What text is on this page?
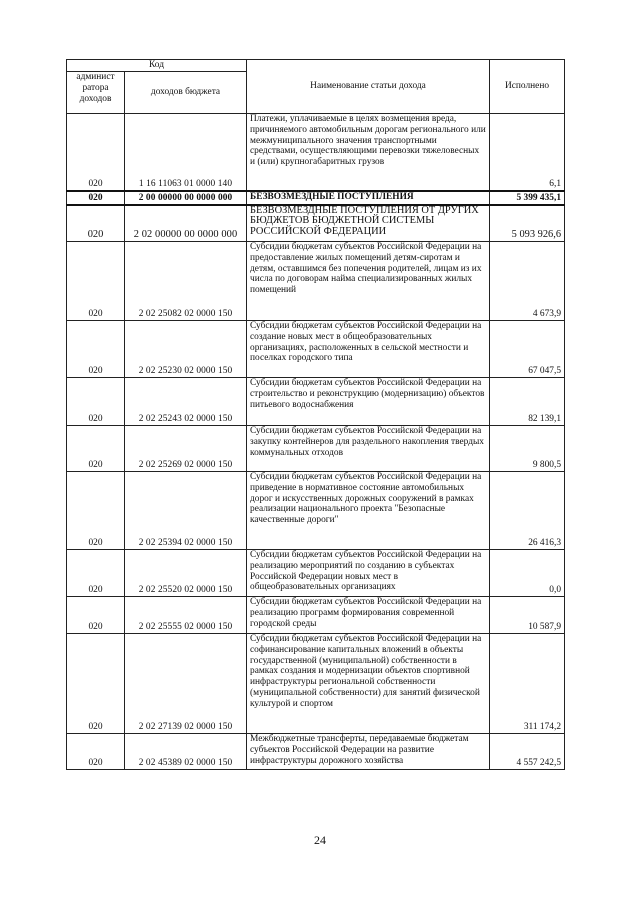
Код		Наименование статьи дохода	Исполнено
админист ратора доходов	доходов бюджета		
020	1 16 11063 01 0000 140	Платежи, уплачиваемые в целях возмещения вреда, причиняемого автомобильным дорогам регионального или межмуниципального значения транспортными средствами, осуществляющими перевозки тяжеловесных и (или) крупногабаритных грузов	6,1
020	2 00 00000 00 0000 000	БЕЗВОЗМЕЗДНЫЕ ПОСТУПЛЕНИЯ	5 399 435,1
020	2 02 00000 00 0000 000	БЕЗВОЗМЕЗДНЫЕ ПОСТУПЛЕНИЯ ОТ ДРУГИХ БЮДЖЕТОВ БЮДЖЕТНОЙ СИСТЕМЫ РОССИЙСКОЙ ФЕДЕРАЦИИ	5 093 926,6
020	2 02 25082 02 0000 150	Субсидии бюджетам субъектов Российской Федерации на предоставление жилых помещений детям-сиротам и детям, оставшимся без попечения родителей, лицам из их числа по договорам найма специализированных жилых помещений	4 673,9
020	2 02 25230 02 0000 150	Субсидии бюджетам субъектов Российской Федерации на создание новых мест в общеобразовательных организациях, расположенных в сельской местности и поселках городского типа	67 047,5
020	2 02 25243 02 0000 150	Субсидии бюджетам субъектов Российской Федерации на строительство и реконструкцию (модернизацию) объектов питьевого водоснабжения	82 139,1
020	2 02 25269 02 0000 150	Субсидии бюджетам субъектов Российской Федерации на закупку контейнеров для раздельного накопления твердых коммунальных отходов	9 800,5
020	2 02 25394 02 0000 150	Субсидии бюджетам субъектов Российской Федерации на приведение в нормативное состояние автомобильных дорог и искусственных дорожных сооружений в рамках реализации национального проекта "Безопасные качественные дороги"	26 416,3
020	2 02 25520 02 0000 150	Субсидии бюджетам субъектов Российской Федерации на реализацию мероприятий по созданию в субъектах Российской Федерации новых мест в общеобразовательных организациях	0,0
020	2 02 25555 02 0000 150	Субсидии бюджетам субъектов Российской Федерации на реализацию программ формирования современной городской среды	10 587,9
020	2 02 27139 02 0000 150	Субсидии бюджетам субъектов Российской Федерации на софинансирование капитальных вложений в объекты государственной (муниципальной) собственности в рамках создания и модернизации объектов спортивной инфраструктуры региональной собственности (муниципальной собственности) для занятий физической культурой и спортом	311 174,2
020	2 02 45389 02 0000 150	Межбюджетные трансферты, передаваемые бюджетам субъектов Российской Федерации на развитие инфраструктуры дорожного хозяйства	4 557 242,5
24
